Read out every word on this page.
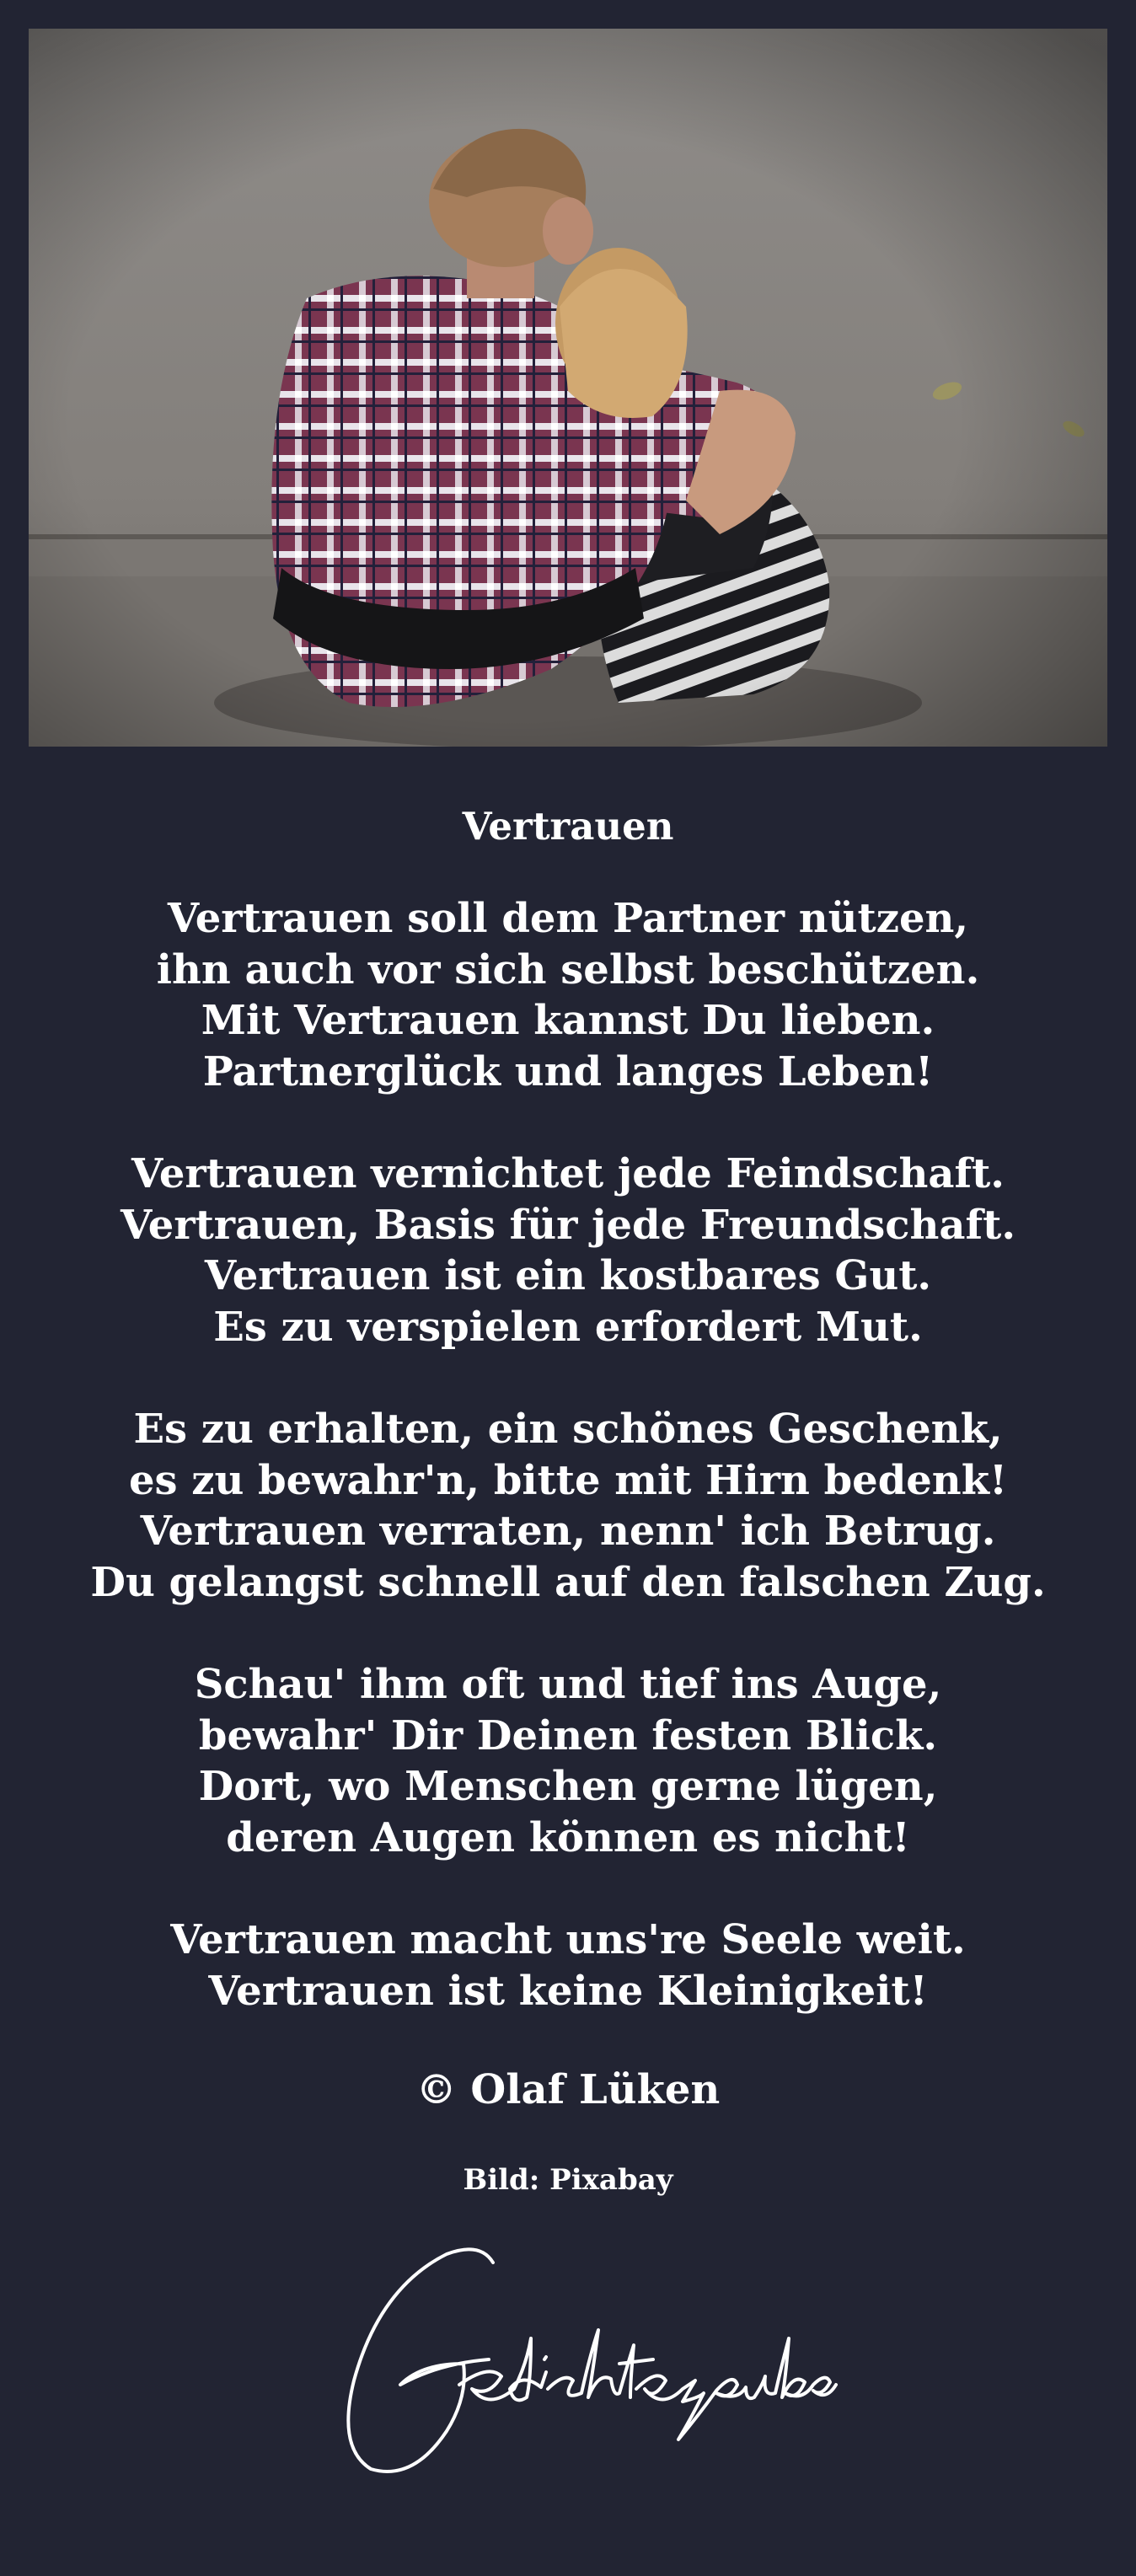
Vertrauen
Vertrauen soll dem Partner nützen,
ihn auch vor sich selbst beschützen.
Mit Vertrauen kannst Du lieben.
Partnerglück und langes Leben!
Vertrauen vernichtet jede Feindschaft.
Vertrauen, Basis für jede Freundschaft.
Vertrauen ist ein kostbares Gut.
Es zu verspielen erfordert Mut.
Es zu erhalten, ein schönes Geschenk,
es zu bewahr'n, bitte mit Hirn bedenk!
Vertrauen verraten, nenn' ich Betrug.
Du gelangst schnell auf den falschen Zug.
Schau' ihm oft und tief ins Auge,
bewahr' Dir Deinen festen Blick.
Dort, wo Menschen gerne lügen,
deren Augen können es nicht!
Vertrauen macht uns're Seele weit.
Vertrauen ist keine Kleinigkeit!
© Olaf Lüken
Bild: Pixabay
